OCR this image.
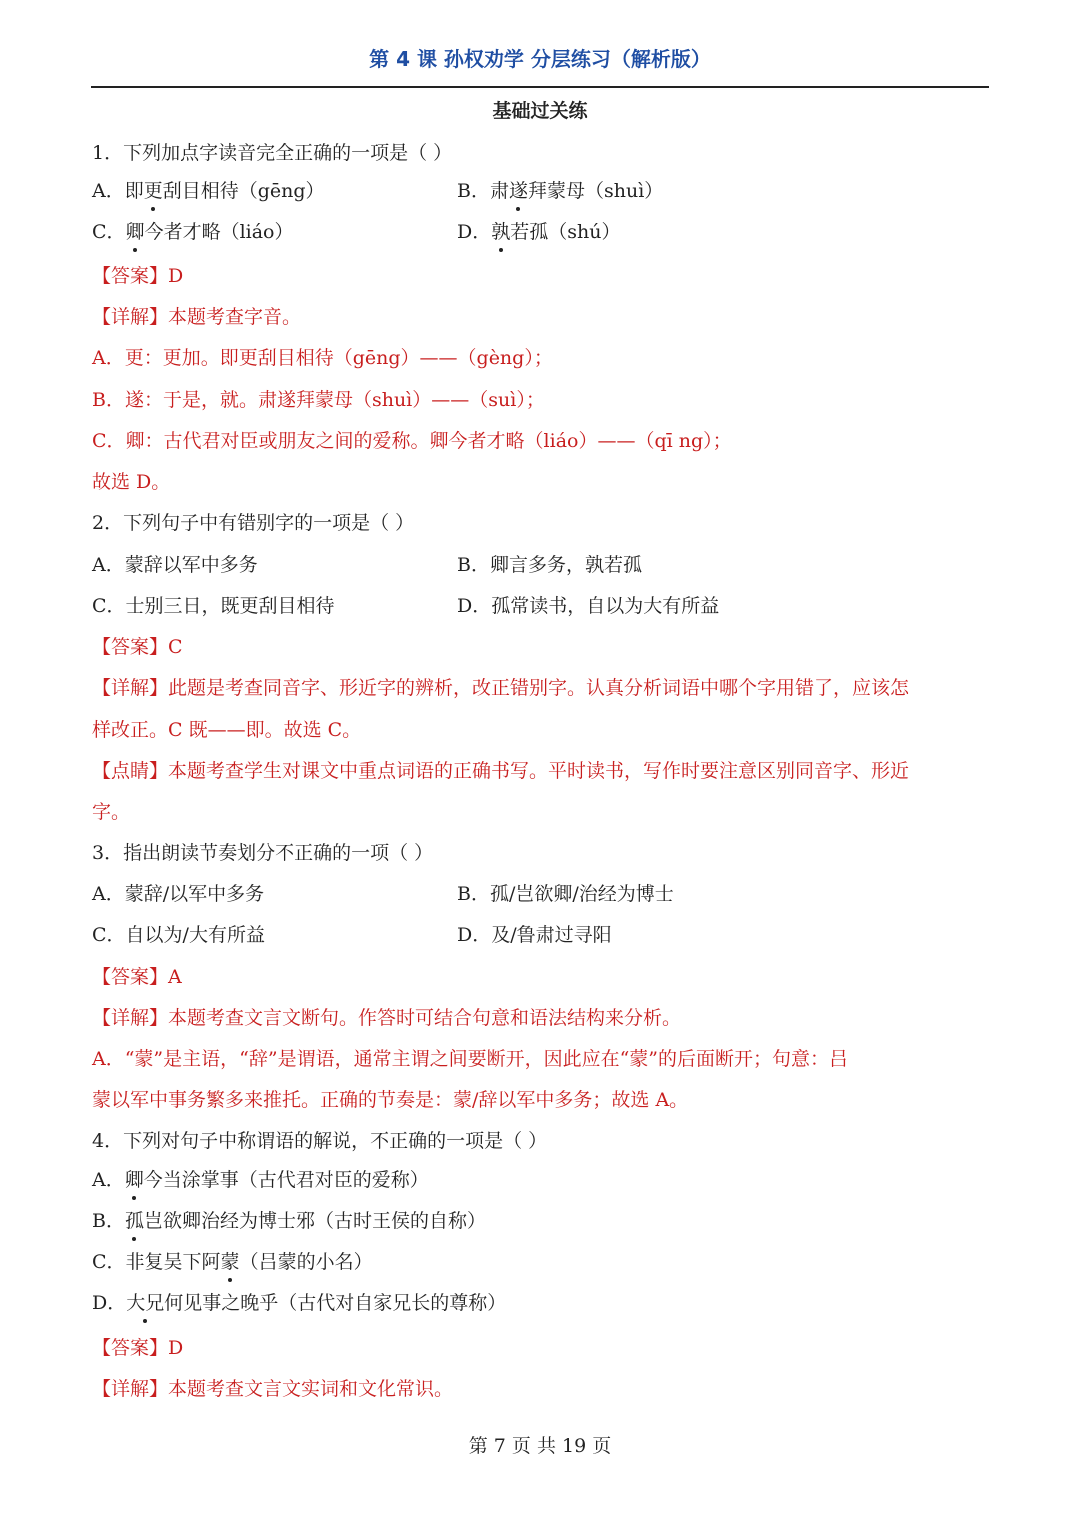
第 4 课 孙权劝学 分层练习（解析版）
基础过关练
1．下列加点字读音完全正确的一项是（ ）
A．即更刮目相待（gēng）	B．肃遂拜蒙母（shuì）
C．卿今者才略（liáo）	D．孰若孤（shú）
【答案】D
【详解】本题考查字音。
A．更：更加。即更刮目相待（gēng）——（gèng）；
B．遂：于是，就。肃遂拜蒙母（shuì）——（suì）；
C．卿：古代君对臣或朋友之间的爱称。卿今者才略（liáo）——（qī ng）；
故选 D。
2．下列句子中有错别字的一项是（ ）
A．蒙辞以军中多务	B．卿言多务，孰若孤
C．士别三日，既更刮目相待	D．孤常读书，自以为大有所益
【答案】C
【详解】此题是考查同音字、形近字的辨析，改正错别字。认真分析词语中哪个字用错了，应该怎
样改正。C 既——即。故选 C。
【点睛】本题考查学生对课文中重点词语的正确书写。平时读书，写作时要注意区别同音字、形近
字。
3．指出朗读节奏划分不正确的一项（ ）
A．蒙辞/以军中多务	B．孤/岂欲卿/治经为博士
C．自以为/大有所益	D．及/鲁肃过寻阳
【答案】A
【详解】本题考查文言文断句。作答时可结合句意和语法结构来分析。
A．“蒙”是主语，“辞”是谓语，通常主谓之间要断开，因此应在“蒙”的后面断开；句意：吕
蒙以军中事务繁多来推托。正确的节奏是：蒙/辞以军中多务；故选 A。
4．下列对句子中称谓语的解说，不正确的一项是（ ）
A．卿今当涂掌事（古代君对臣的爱称）
B．孤岂欲卿治经为博士邪（古时王侯的自称）
C．非复吴下阿蒙（吕蒙的小名）
D．大兄何见事之晚乎（古代对自家兄长的尊称）
【答案】D
【详解】本题考查文言文实词和文化常识。
第 7 页 共 19 页
